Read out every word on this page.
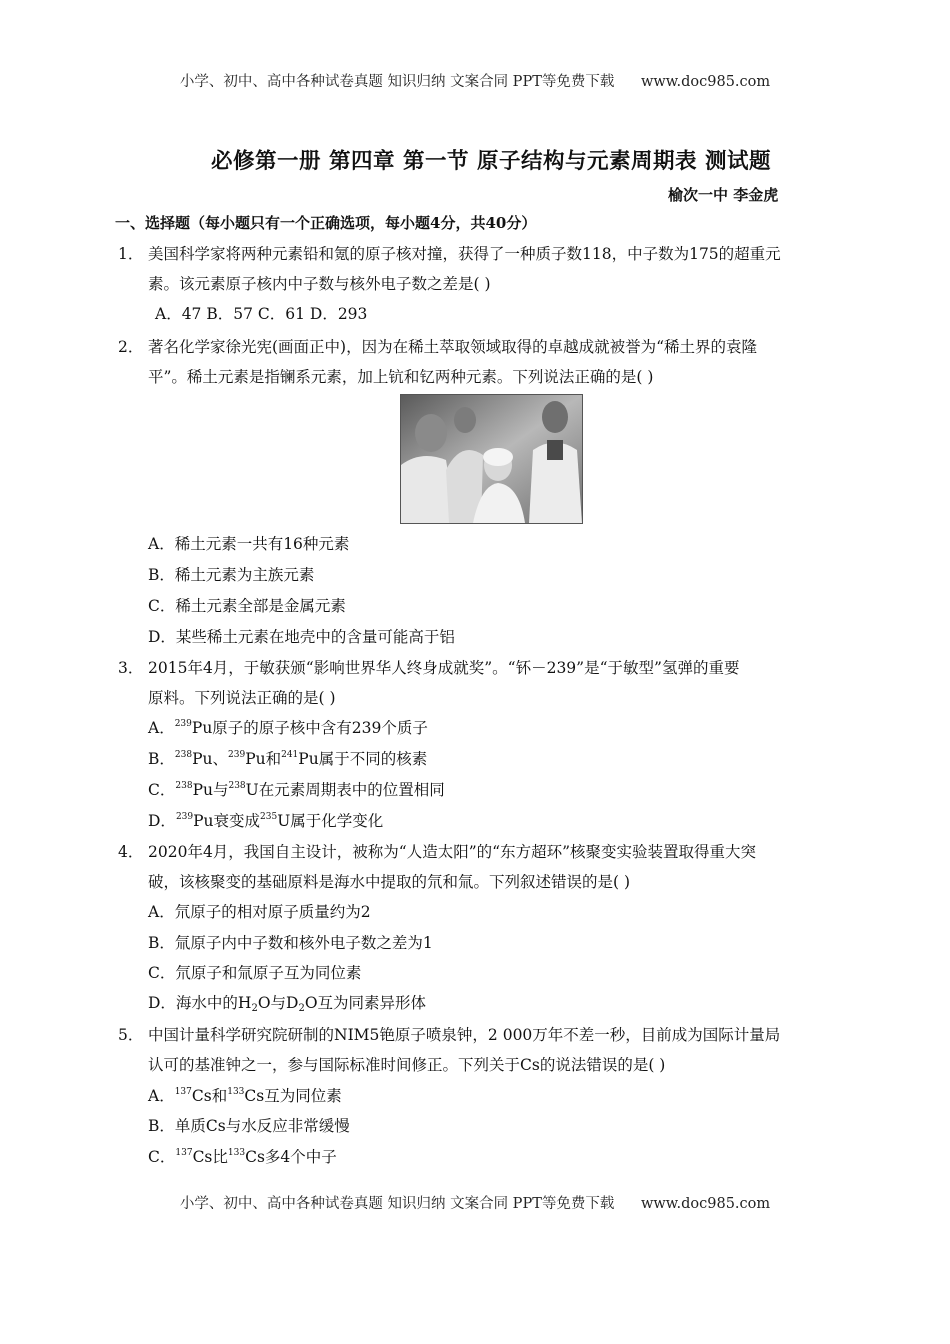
小学、初中、高中各种试卷真题 知识归纳 文案合同 PPT等免费下载 www.doc985.com
必修第一册 第四章 第一节 原子结构与元素周期表 测试题
榆次一中 李金虎
一、选择题（每小题只有一个正确选项，每小题4分，共40分）
1． 美国科学家将两种元素铅和氪的原子核对撞，获得了一种质子数118，中子数为175的超重元
素。该元素原子核内中子数与核外电子数之差是( )
A．47 B．57 C．61 D．293
2． 著名化学家徐光宪(画面正中)，因为在稀土萃取领域取得的卓越成就被誉为“稀土界的袁隆
平”。稀土元素是指镧系元素，加上钪和钇两种元素。下列说法正确的是( )
A．稀土元素一共有16种元素
B．稀土元素为主族元素
C．稀土元素全部是金属元素
D．某些稀土元素在地壳中的含量可能高于铝
3． 2015年4月，于敏获颁“影响世界华人终身成就奖”。“钚－239”是“于敏型”氢弹的重要
原料。下列说法正确的是( )
A．$^{239}$Pu原子的原子核中含有239个质子
B．$^{238}$Pu、$^{239}$Pu和$^{241}$Pu属于不同的核素
C．$^{238}$Pu与$^{238}$U在元素周期表中的位置相同
D．$^{239}$Pu衰变成$^{235}$U属于化学变化
4． 2020年4月，我国自主设计，被称为“人造太阳”的“东方超环”核聚变实验装置取得重大突
破，该核聚变的基础原料是海水中提取的氘和氚。下列叙述错误的是( )
A．氘原子的相对原子质量约为2
B．氚原子内中子数和核外电子数之差为1
C．氘原子和氚原子互为同位素
D．海水中的$H_2O$与$D_2O$互为同素异形体
5． 中国计量科学研究院研制的NIM5铯原子喷泉钟，2 000万年不差一秒，目前成为国际计量局
认可的基准钟之一，参与国际标准时间修正。下列关于Cs的说法错误的是( )
A．$^{137}$Cs和$^{133}$Cs互为同位素
B．单质Cs与水反应非常缓慢
C．$^{137}$Cs比$^{133}$Cs多4个中子
小学、初中、高中各种试卷真题 知识归纳 文案合同 PPT等免费下载 www.doc985.com
